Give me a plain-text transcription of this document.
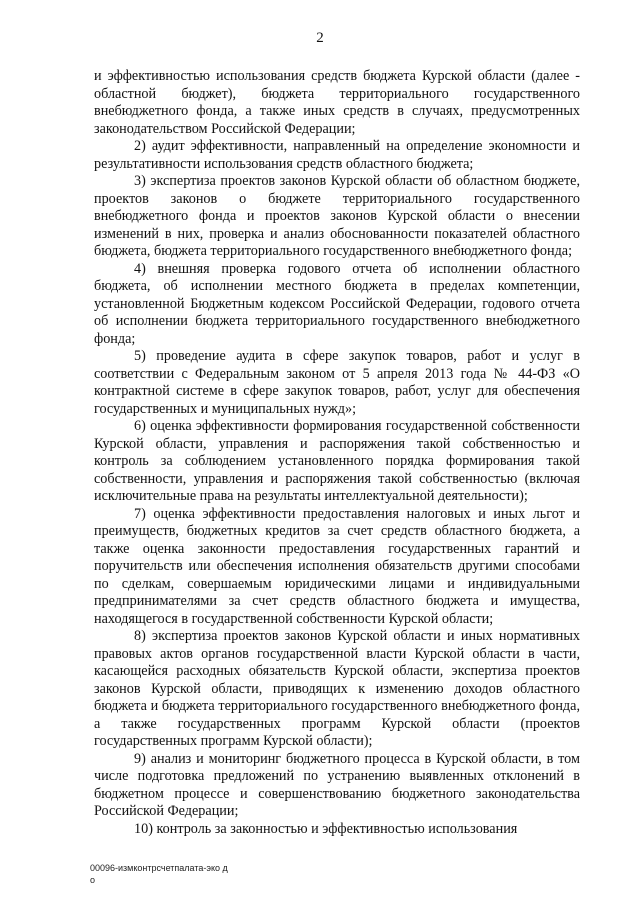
2

и эффективностью использования средств бюджета Курской области (далее - областной бюджет), бюджета территориального государственного внебюджетного фонда, а также иных средств в случаях, предусмотренных законодательством Российской Федерации;

2) аудит эффективности, направленный на определение экономности и результативности использования средств областного бюджета;

3) экспертиза проектов законов Курской области об областном бюджете, проектов законов о бюджете территориального государственного внебюджетного фонда и проектов законов Курской области о внесении изменений в них, проверка и анализ обоснованности показателей областного бюджета, бюджета территориального государственного внебюджетного фонда;

4) внешняя проверка годового отчета об исполнении областного бюджета, об исполнении местного бюджета в пределах компетенции, установленной Бюджетным кодексом Российской Федерации, годового отчета об исполнении бюджета территориального государственного внебюджетного фонда;

5) проведение аудита в сфере закупок товаров, работ и услуг в соответствии с Федеральным законом от 5 апреля 2013 года № 44-ФЗ «О контрактной системе в сфере закупок товаров, работ, услуг для обеспечения государственных и муниципальных нужд»;

6) оценка эффективности формирования государственной собственности Курской области, управления и распоряжения такой собственностью и контроль за соблюдением установленного порядка формирования такой собственности, управления и распоряжения такой собственностью (включая исключительные права на результаты интеллектуальной деятельности);

7) оценка эффективности предоставления налоговых и иных льгот и преимуществ, бюджетных кредитов за счет средств областного бюджета, а также оценка законности предоставления государственных гарантий и поручительств или обеспечения исполнения обязательств другими способами по сделкам, совершаемым юридическими лицами и индивидуальными предпринимателями за счет средств областного бюджета и имущества, находящегося в государственной собственности Курской области;

8) экспертиза проектов законов Курской области и иных нормативных правовых актов органов государственной власти Курской области в части, касающейся расходных обязательств Курской области, экспертиза проектов законов Курской области, приводящих к изменению доходов областного бюджета и бюджета территориального государственного внебюджетного фонда, а также государственных программ Курской области (проектов государственных программ Курской области);

9) анализ и мониторинг бюджетного процесса в Курской области, в том числе подготовка предложений по устранению выявленных отклонений в бюджетном процессе и совершенствованию бюджетного законодательства Российской Федерации;

10) контроль за законностью и эффективностью использования

00096-измконтрсчетпалата-эко до
